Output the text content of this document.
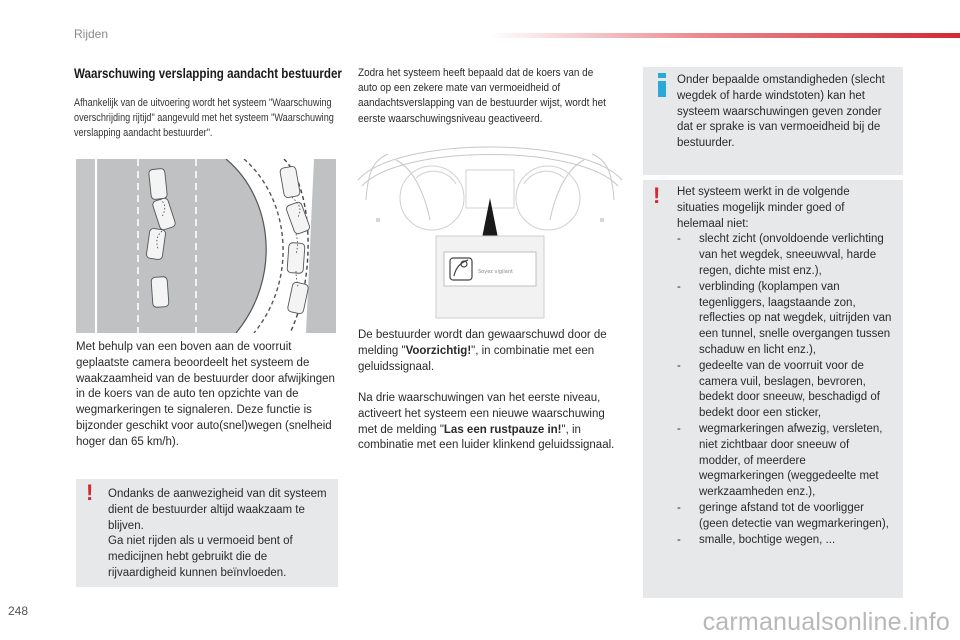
Rijden
Waarschuwing verslapping aandacht bestuurder

Afhankelijk van de uitvoering wordt het systeem "Waarschuwing overschrijding rijtijd" aangevuld met het systeem "Waarschuwing verslapping aandacht bestuurder".

Met behulp van een boven aan de voorruit geplaatste camera beoordeelt het systeem de waakzaamheid van de bestuurder door afwijkingen in de koers van de auto ten opzichte van de wegmarkeringen te signaleren. Deze functie is bijzonder geschikt voor auto(snel)wegen (snelheid hoger dan 65 km/h).

! Ondanks de aanwezigheid van dit systeem dient de bestuurder altijd waakzaam te blijven.

Ga niet rijden als u vermoeid bent of medicijnen hebt gebruikt die de rijvaardigheid kunnen beïnvloeden.

Zodra het systeem heeft bepaald dat de koers van de auto op een zekere mate van vermoeidheid of aandachtsverslapping van de bestuurder wijst, wordt het eerste waarschuwingsniveau geactiveerd.

Soyez vigilant

De bestuurder wordt dan gewaarschuwd door de melding "Voorzichtig!", in combinatie met een geluidssignaal.

Na drie waarschuwingen van het eerste niveau, activeert het systeem een nieuwe waarschuwing met de melding "Las een rustpauze in!", in combinatie met een luider klinkend geluidssignaal.

Onder bepaalde omstandigheden (slecht wegdek of harde windstoten) kan het systeem waarschuwingen geven zonder dat er sprake is van vermoeidheid bij de bestuurder.

! Het systeem werkt in de volgende situaties mogelijk minder goed of helemaal niet:

- slecht zicht (onvoldoende verlichting van het wegdek, sneeuwval, harde regen, dichte mist enz.),
- verblinding (koplampen van tegenliggers, laagstaande zon, reflecties op nat wegdek, uitrijden van een tunnel, snelle overgangen tussen schaduw en licht enz.),
- gedeelte van de voorruit voor de camera vuil, beslagen, bevroren, bedekt door sneeuw, beschadigd of bedekt door een sticker,
- wegmarkeringen afwezig, versleten, niet zichtbaar door sneeuw of modder, of meerdere wegmarkeringen (weggedeelte met werkzaamheden enz.),
- geringe afstand tot de voorligger (geen detectie van wegmarkeringen),
- smalle, bochtige wegen, ...
248	carmanualsonline.info
